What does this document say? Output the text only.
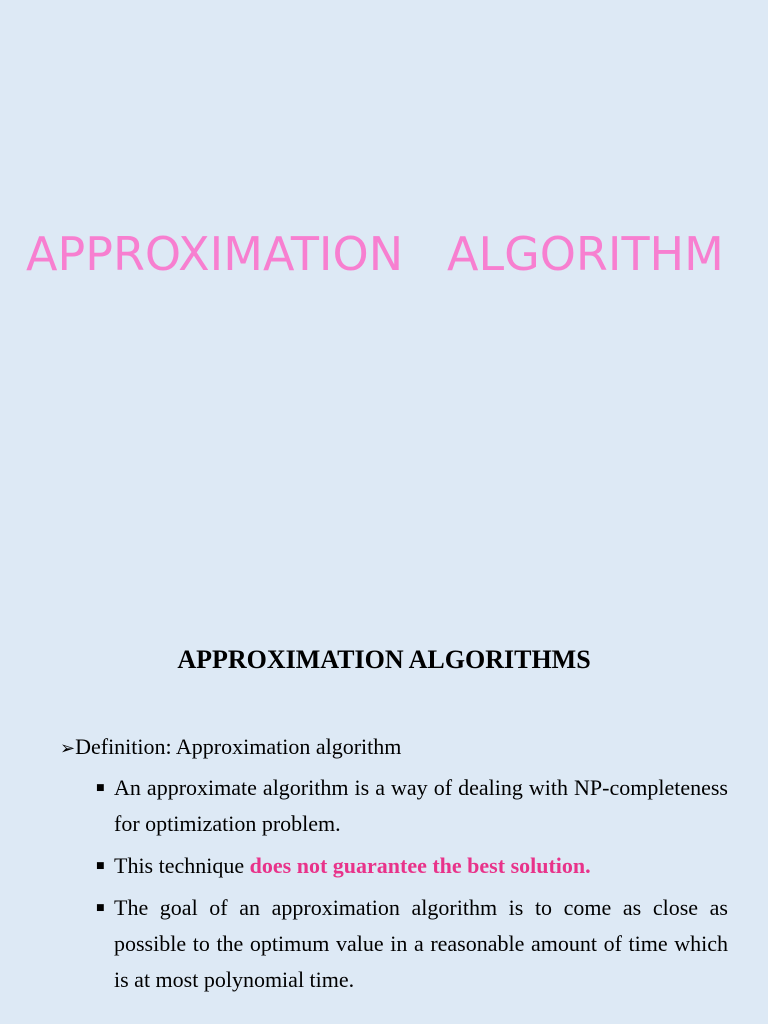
APPROXIMATION   ALGORITHM
APPROXIMATION ALGORITHMS

➢Definition: Approximation algorithm

■ An approximate algorithm is a way of dealing with NP-completeness for optimization problem.
■ This technique does not guarantee the best solution.
■ The goal of an approximation algorithm is to come as close as possible to the optimum value in a reasonable amount of time which is at most polynomial time.
